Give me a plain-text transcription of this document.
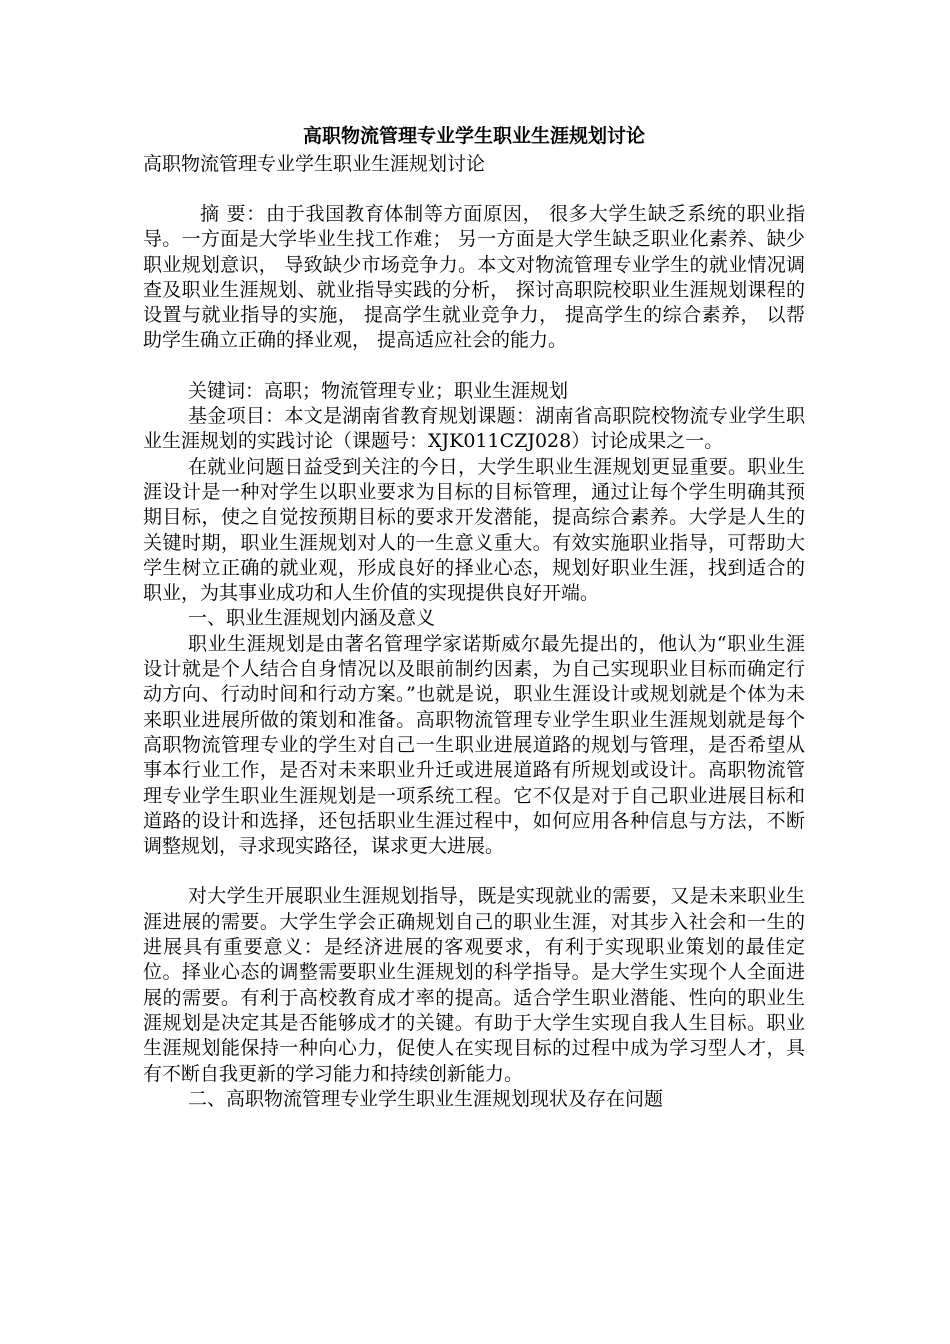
高职物流管理专业学生职业生涯规划讨论

高职物流管理专业学生职业生涯规划讨论

摘 要：由于我国教育体制等方面原因， 很多大学生缺乏系统的职业指导。一方面是大学毕业生找工作难； 另一方面是大学生缺乏职业化素养、缺少职业规划意识， 导致缺少市场竞争力。本文对物流管理专业学生的就业情况调查及职业生涯规划、就业指导实践的分析， 探讨高职院校职业生涯规划课程的设置与就业指导的实施， 提高学生就业竞争力， 提高学生的综合素养， 以帮助学生确立正确的择业观， 提高适应社会的能力。

关键词：高职；物流管理专业；职业生涯规划

基金项目：本文是湖南省教育规划课题：湖南省高职院校物流专业学生职业生涯规划的实践讨论（课题号：XJK011CZJ028）讨论成果之一。

在就业问题日益受到关注的今日，大学生职业生涯规划更显重要。职业生涯设计是一种对学生以职业要求为目标的目标管理，通过让每个学生明确其预期目标，使之自觉按预期目标的要求开发潜能，提高综合素养。大学是人生的关键时期，职业生涯规划对人的一生意义重大。有效实施职业指导，可帮助大学生树立正确的就业观，形成良好的择业心态，规划好职业生涯，找到适合的职业，为其事业成功和人生价值的实现提供良好开端。

一、职业生涯规划内涵及意义

职业生涯规划是由著名管理学家诺斯威尔最先提出的，他认为“职业生涯设计就是个人结合自身情况以及眼前制约因素，为自己实现职业目标而确定行动方向、行动时间和行动方案。”也就是说，职业生涯设计或规划就是个体为未来职业进展所做的策划和准备。高职物流管理专业学生职业生涯规划就是每个高职物流管理专业的学生对自己一生职业进展道路的规划与管理，是否希望从事本行业工作，是否对未来职业升迁或进展道路有所规划或设计。高职物流管理专业学生职业生涯规划是一项系统工程。它不仅是对于自己职业进展目标和道路的设计和选择，还包括职业生涯过程中，如何应用各种信息与方法，不断调整规划，寻求现实路径，谋求更大进展。

对大学生开展职业生涯规划指导，既是实现就业的需要，又是未来职业生涯进展的需要。大学生学会正确规划自己的职业生涯，对其步入社会和一生的进展具有重要意义：是经济进展的客观要求，有利于实现职业策划的最佳定位。择业心态的调整需要职业生涯规划的科学指导。是大学生实现个人全面进展的需要。有利于高校教育成才率的提高。适合学生职业潜能、性向的职业生涯规划是决定其是否能够成才的关键。有助于大学生实现自我人生目标。职业生涯规划能保持一种向心力，促使人在实现目标的过程中成为学习型人才，具有不断自我更新的学习能力和持续创新能力。

二、高职物流管理专业学生职业生涯规划现状及存在问题
